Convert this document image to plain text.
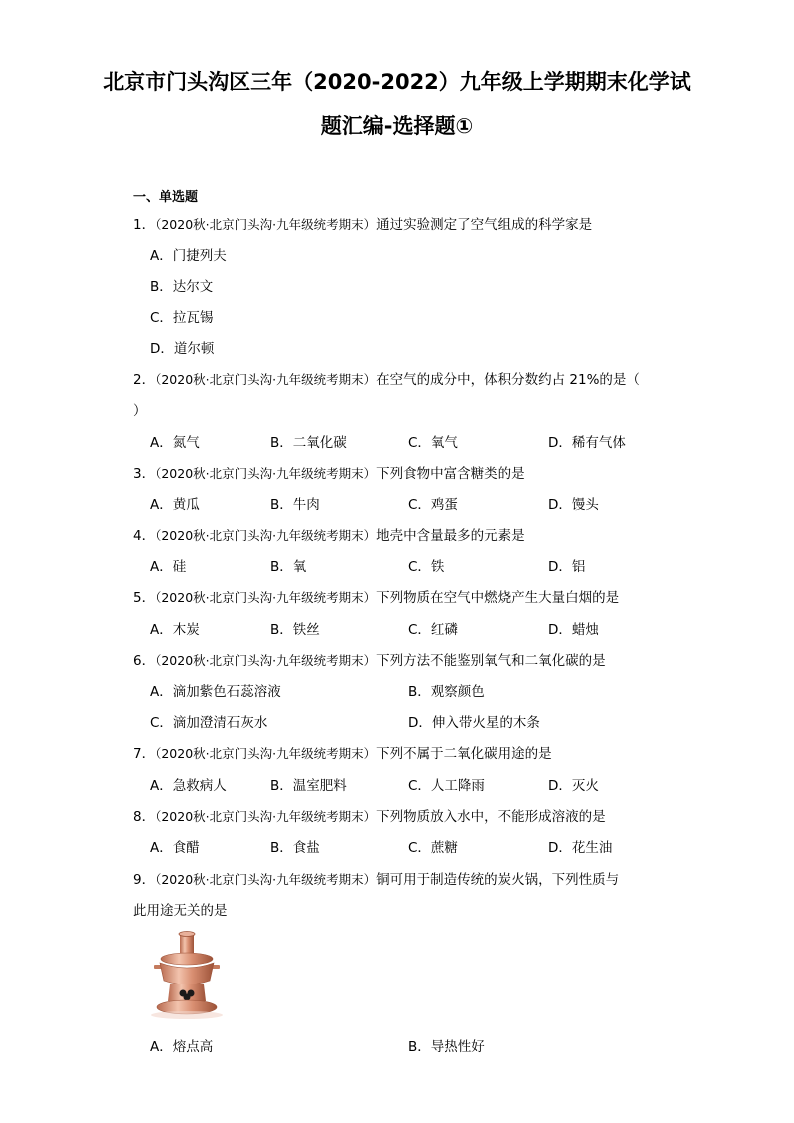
北京市门头沟区三年（2020-2022）九年级上学期期末化学试
题汇编-选择题①
一、单选题
1．（2020秋·北京门头沟·九年级统考期末）通过实验测定了空气组成的科学家是
A．门捷列夫
B．达尔文
C．拉瓦锡
D．道尔顿
2．（2020秋·北京门头沟·九年级统考期末）在空气的成分中，体积分数约占 21%的是（
）
A．氮气	B．二氧化碳	C．氧气	D．稀有气体
3．（2020秋·北京门头沟·九年级统考期末）下列食物中富含糖类的是
A．黄瓜	B．牛肉	C．鸡蛋	D．馒头
4．（2020秋·北京门头沟·九年级统考期末）地壳中含量最多的元素是
A．硅	B．氧	C．铁	D．铝
5．（2020秋·北京门头沟·九年级统考期末）下列物质在空气中燃烧产生大量白烟的是
A．木炭	B．铁丝	C．红磷	D．蜡烛
6．（2020秋·北京门头沟·九年级统考期末）下列方法不能鉴别氧气和二氧化碳的是
A．滴加紫色石蕊溶液	B．观察颜色
C．滴加澄清石灰水	D．伸入带火星的木条
7．（2020秋·北京门头沟·九年级统考期末）下列不属于二氧化碳用途的是
A．急救病人	B．温室肥料	C．人工降雨	D．灭火
8．（2020秋·北京门头沟·九年级统考期末）下列物质放入水中，不能形成溶液的是
A．食醋	B．食盐	C．蔗糖	D．花生油
9．（2020秋·北京门头沟·九年级统考期末）铜可用于制造传统的炭火锅，下列性质与
此用途无关的是
A．熔点高	B．导热性好
